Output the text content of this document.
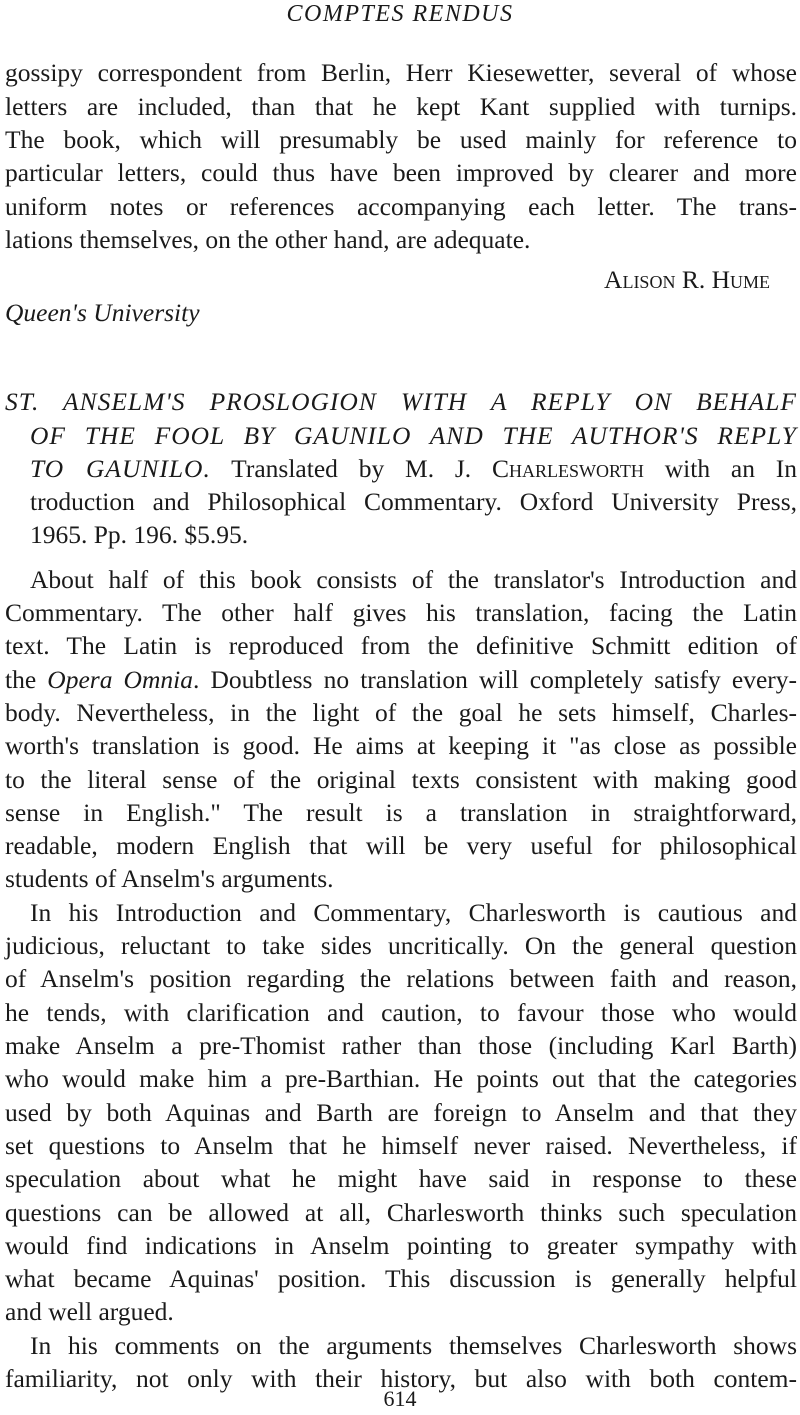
COMPTES RENDUS
gossipy correspondent from Berlin, Herr Kiesewetter, several of whose
letters are included, than that he kept Kant supplied with turnips.
The book, which will presumably be used mainly for reference to
particular letters, could thus have been improved by clearer and more
uniform notes or references accompanying each letter. The trans-
lations themselves, on the other hand, are adequate.
Alison R. Hume
Queen's University
ST. ANSELM'S PROSLOGION WITH A REPLY ON BEHALF
OF THE FOOL BY GAUNILO AND THE AUTHOR'S REPLY
TO GAUNILO. Translated by M. J. Charlesworth with an In
troduction and Philosophical Commentary. Oxford University Press,
1965. Pp. 196. $5.95.
About half of this book consists of the translator's Introduction and
Commentary. The other half gives his translation, facing the Latin
text. The Latin is reproduced from the definitive Schmitt edition of
the Opera Omnia. Doubtless no translation will completely satisfy every-
body. Nevertheless, in the light of the goal he sets himself, Charles-
worth's translation is good. He aims at keeping it "as close as possible
to the literal sense of the original texts consistent with making good
sense in English." The result is a translation in straightforward,
readable, modern English that will be very useful for philosophical
students of Anselm's arguments.
In his Introduction and Commentary, Charlesworth is cautious and
judicious, reluctant to take sides uncritically. On the general question
of Anselm's position regarding the relations between faith and reason,
he tends, with clarification and caution, to favour those who would
make Anselm a pre-Thomist rather than those (including Karl Barth)
who would make him a pre-Barthian. He points out that the categories
used by both Aquinas and Barth are foreign to Anselm and that they
set questions to Anselm that he himself never raised. Nevertheless, if
speculation about what he might have said in response to these
questions can be allowed at all, Charlesworth thinks such speculation
would find indications in Anselm pointing to greater sympathy with
what became Aquinas' position. This discussion is generally helpful
and well argued.
In his comments on the arguments themselves Charlesworth shows
familiarity, not only with their history, but also with both contem-
614
